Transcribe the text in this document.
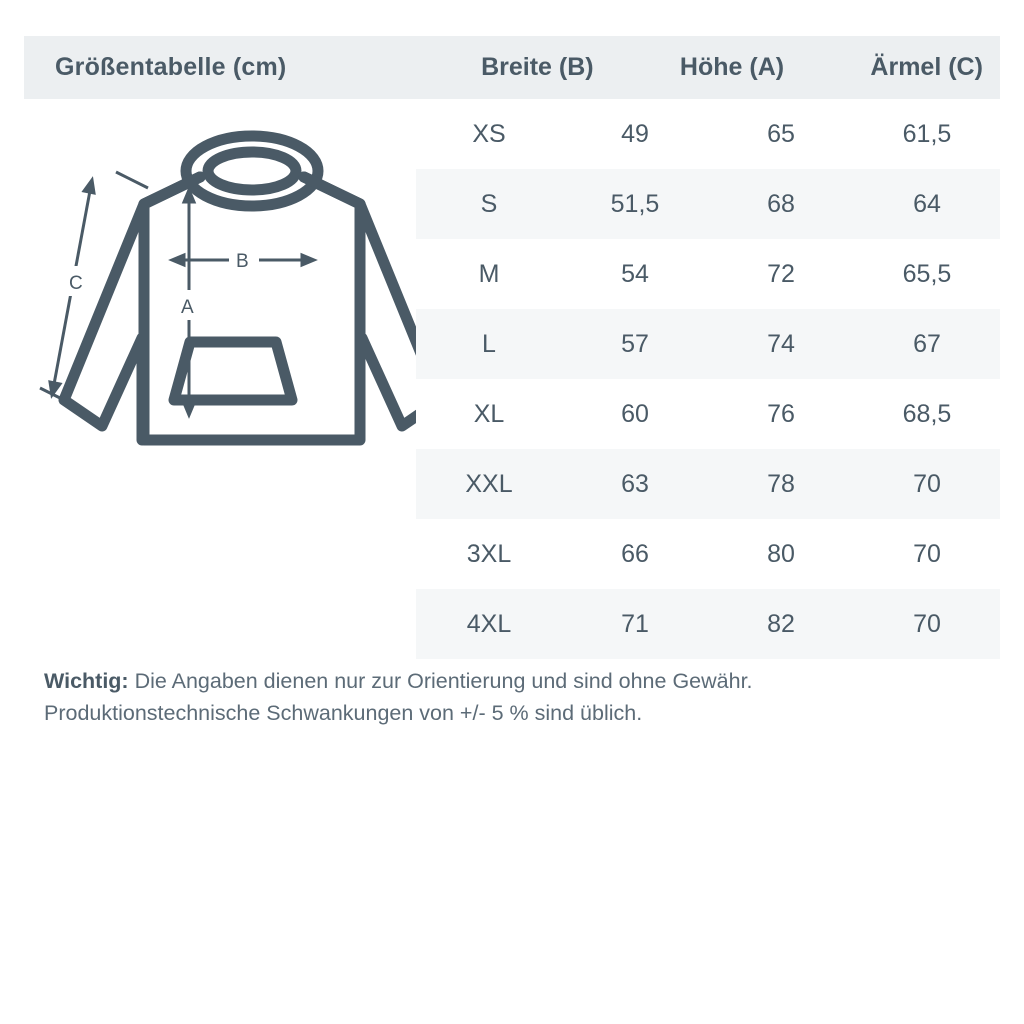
Größentabelle (cm)	Breite (B)	Höhe (A)	Ärmel (C)
B
A
C
XS	49	65	61,5
S	51,5	68	64
M	54	72	65,5
L	57	74	67
XL	60	76	68,5
XXL	63	78	70
3XL	66	80	70
4XL	71	82	70
Wichtig: Die Angaben dienen nur zur Orientierung und sind ohne Gewähr.
Produktionstechnische Schwankungen von +/- 5 % sind üblich.
